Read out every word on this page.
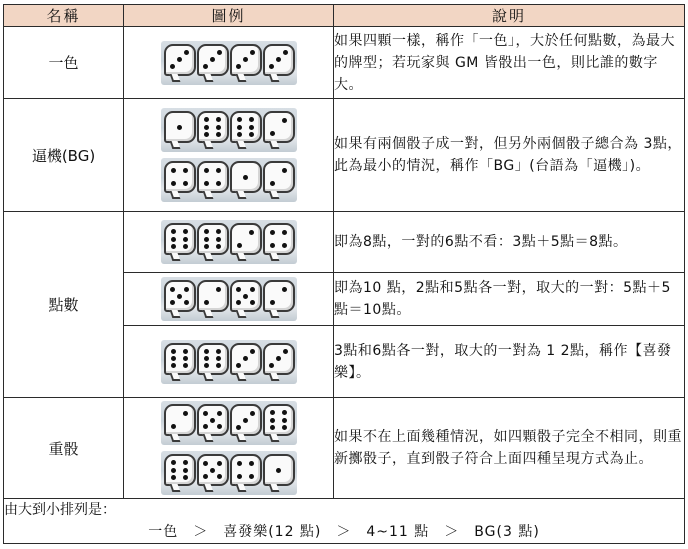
名稱	圖例	說明
一色		如果四顆一樣，稱作「一色」，大於任何點數，為最大的牌型；若玩家與 GM 皆骰出一色，則比誰的數字大。
逼機(BG)		如果有兩個骰子成一對，但另外兩個骰子總合為 3點，此為最小的情況，稱作「BG」(台語為「逼機」)。
點數		即為8點，一對的6點不看：3點＋5點＝8點。

		即為10 點，2點和5點各一對，取大的一對：5點＋5點＝10點。

		3點和6點各一對，取大的一對為 1 2點，稱作【喜發樂】。
重骰		如果不在上面幾種情況，如四顆骰子完全不相同，則重新擲骰子，直到骰子符合上面四種呈現方式為止。

由大到小排列是：
一色　＞　喜發樂(12 點)　＞　4~11 點　＞　BG(3 點)		
